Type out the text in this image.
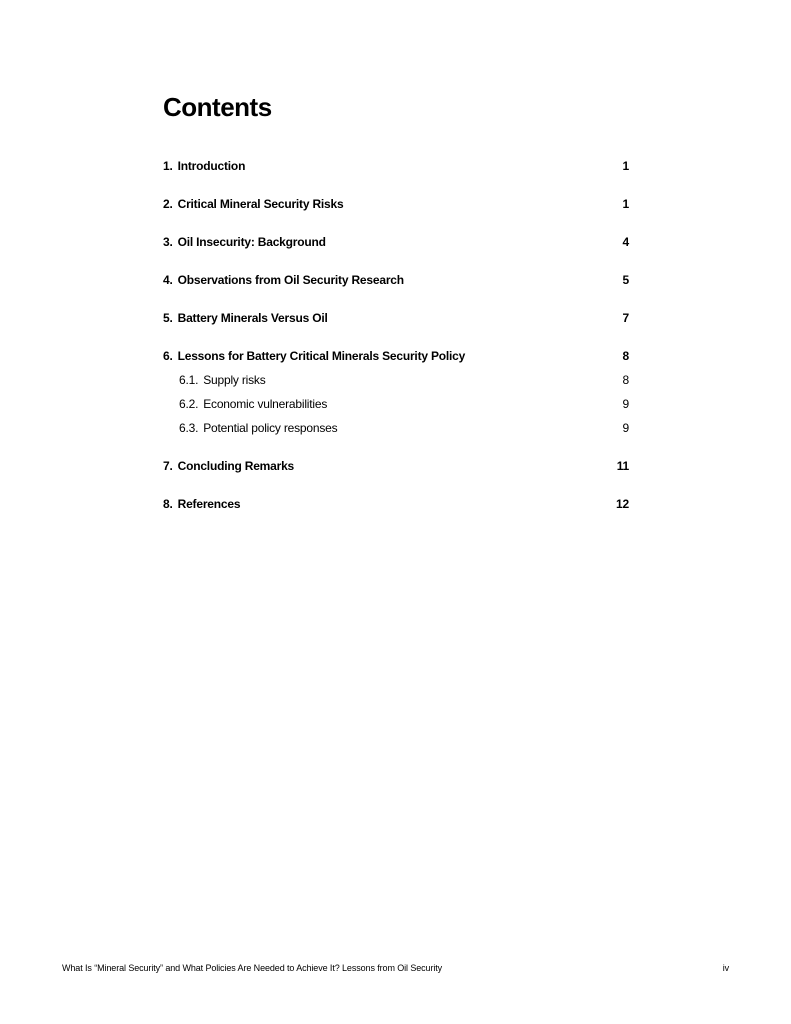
Contents
1. Introduction	1
2. Critical Mineral Security Risks	1
3. Oil Insecurity: Background	4
4. Observations from Oil Security Research	5
5. Battery Minerals Versus Oil	7
6. Lessons for Battery Critical Minerals Security Policy	8
6.1. Supply risks	8
6.2. Economic vulnerabilities	9
6.3. Potential policy responses	9
7. Concluding Remarks	11
8. References	12
What Is “Mineral Security” and What Policies Are Needed to Achieve It? Lessons from Oil Security	iv
